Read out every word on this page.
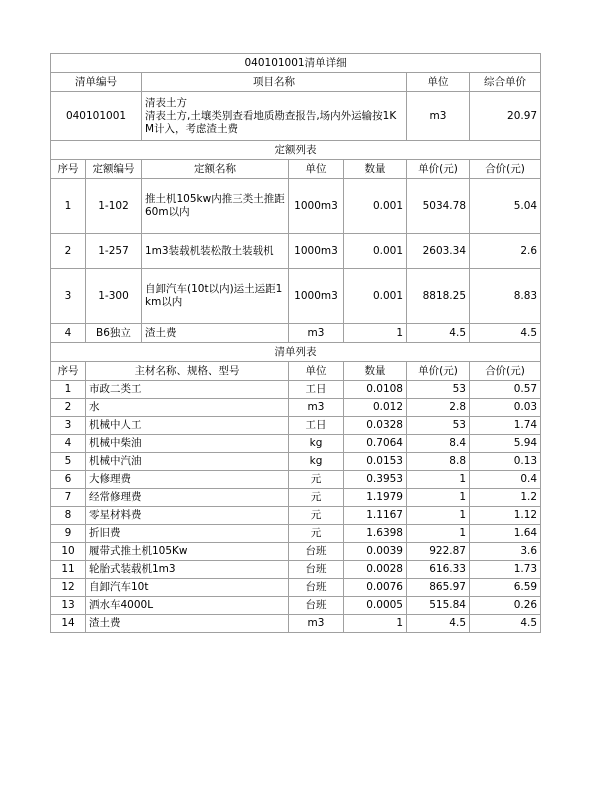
040101001清单详细						
清单编号		项目名称			单位	综合单价
040101001		清表土方
清表土方,土壤类别查看地质勘查报告,场内外运输按1KM计入，考虑渣土费			m3	20.97
定额列表						
序号	定额编号	定额名称	单位	数量	单价(元)	合价(元)
1	1-102	推土机105kw内推三类土推距60m以内	1000m3	0.001	5034.78	5.04
2	1-257	1m3装载机装松散土装载机	1000m3	0.001	2603.34	2.6
3	1-300	自卸汽车(10t以内)运土运距1km以内	1000m3	0.001	8818.25	8.83
4	B6独立	渣土费	m3	1	4.5	4.5
清单列表						
序号	主材名称、规格、型号		单位	数量	单价(元)	合价(元)
1	市政二类工		工日	0.0108	53	0.57
2	水		m3	0.012	2.8	0.03
3	机械中人工		工日	0.0328	53	1.74
4	机械中柴油		kg	0.7064	8.4	5.94
5	机械中汽油		kg	0.0153	8.8	0.13
6	大修理费		元	0.3953	1	0.4
7	经常修理费		元	1.1979	1	1.2
8	零星材料费		元	1.1167	1	1.12
9	折旧费		元	1.6398	1	1.64
10	履带式推土机105Kw		台班	0.0039	922.87	3.6
11	轮胎式装载机1m3		台班	0.0028	616.33	1.73
12	自卸汽车10t		台班	0.0076	865.97	6.59
13	洒水车4000L		台班	0.0005	515.84	0.26
14	渣土费		m3	1	4.5	4.5
